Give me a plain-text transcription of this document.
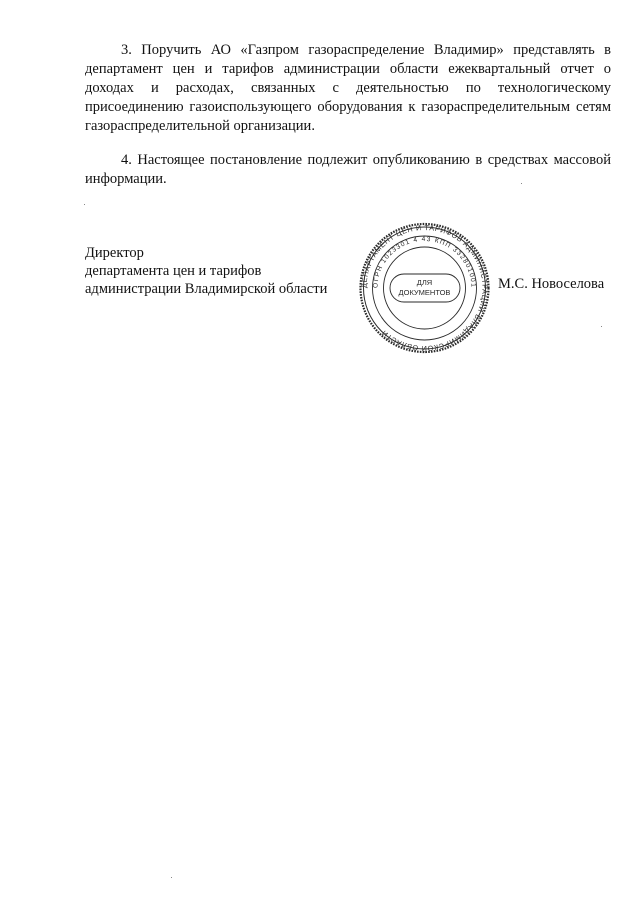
3. Поручить АО «Газпром газораспределение Владимир» представлять в департамент цен и тарифов администрации области ежеквартальный отчет о доходах и расходах, связанных с деятельностью по технологическому присоединению газоиспользующего оборудования к газораспределительным сетям газораспределительной организации.

4. Настоящее постановление подлежит опубликованию в средствах массовой информации.

Директор
департамента цен и тарифов
администрации Владимирской области	ДЕПАРТАМЕНТ ЦЕН И ТАРИФОВ АДМИНИСТРАЦИИ ВЛАДИМИРСКОЙ ОБЛАСТИ
ОГРН 1023301 4 43 КПП 332801001
ДЛЯ
ДОКУМЕНТОВ
М.С. Новоселова
